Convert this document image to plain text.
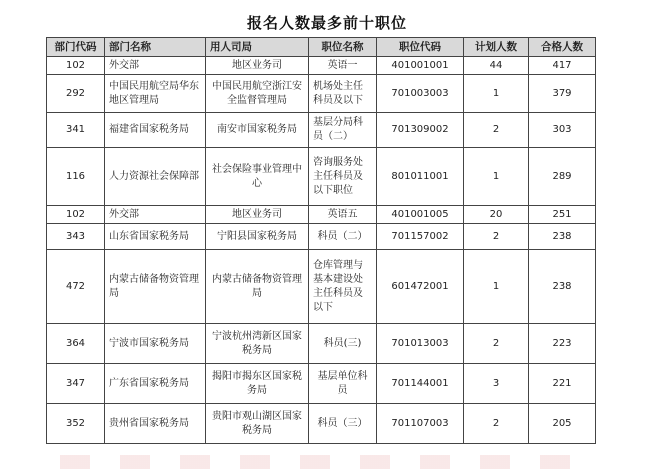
报名人数最多前十职位
部门代码	部门名称	用人司局	职位名称	职位代码	计划人数	合格人数
102	外交部	地区业务司	英语一	401001001	44	417
292	中国民用航空局华东地区管理局	中国民用航空浙江安全监督管理局	机场处主任科员及以下	701003003	1	379
341	福建省国家税务局	南安市国家税务局	基层分局科员（二）	701309002	2	303
116	人力资源社会保障部	社会保险事业管理中心	咨询服务处主任科员及以下职位	801011001	1	289
102	外交部	地区业务司	英语五	401001005	20	251
343	山东省国家税务局	宁阳县国家税务局	科员（二）	701157002	2	238
472	内蒙古储备物资管理局	内蒙古储备物资管理局	仓库管理与基本建设处主任科员及以下	601472001	1	238
364	宁波市国家税务局	宁波杭州湾新区国家税务局	科员(三)	701013003	2	223
347	广东省国家税务局	揭阳市揭东区国家税务局	基层单位科员	701144001	3	221
352	贵州省国家税务局	贵阳市观山湖区国家税务局	科员（三）	701107003	2	205
